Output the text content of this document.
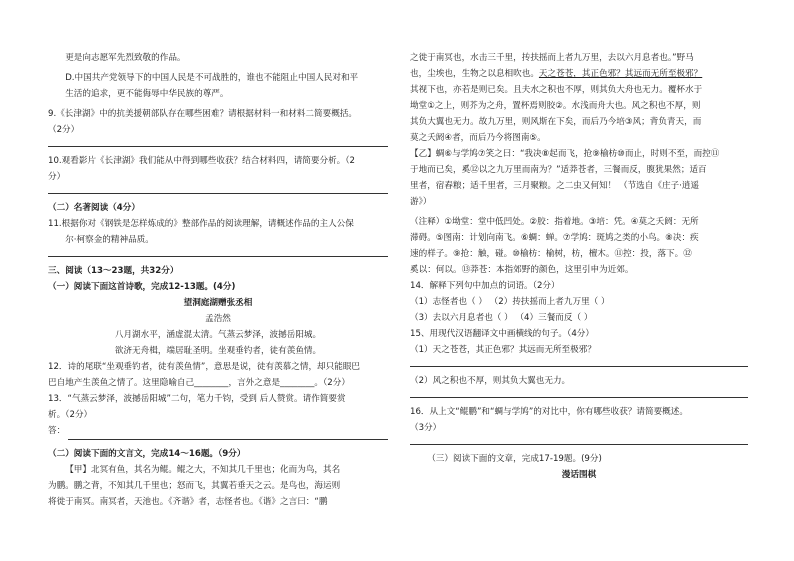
更是向志愿军先烈致敬的作品。

D.中国共产党领导下的中国人民是不可战胜的，谁也不能阻止中国人民对和平

生活的追求，更不能侮辱中华民族的尊严。

9.《长津湖》中的抗美援朝部队存在哪些困难？请根据材料一和材料二简要概括。

（2分）

10.观看影片《长津湖》我们能从中得到哪些收获？结合材料四，请简要分析。（2

分）

（二）名著阅读（4分）

11.根据你对《钢铁是怎样炼成的》整部作品的阅读理解，请概述作品的主人公保

尔·柯察金的精神品质。

三、阅读（13～23题，共32分）

（一）阅读下面这首诗歌，完成12-13题。(4分)

望洞庭湖赠张丞相

孟浩然

八月湖水平，涵虚混太清。气蒸云梦泽，波撼岳阳城。

欲济无舟楫，端居耻圣明。坐观垂钓者，徒有羡鱼情。

12．诗的尾联“坐观垂钓者，徒有羡鱼情”，意思是说，徒有羡慕之情，却只能眼巴

巴自地产生羡鱼之情了。这里隐喻自己________，言外之意是________。（2分）

13．“气蒸云梦泽，波撼岳阳城”二句，笔力千钧，受到 后人赞赏。请作简要赏

析。（2分）

答：

（二）阅读下面的文言文，完成14～16题。（9分）

【甲】北冥有鱼，其名为鲲。鲲之大，不知其几千里也；化而为鸟，其名

为鹏。鹏之背，不知其几千里也；怒而飞，其翼若垂天之云。是鸟也，海运则

将徙于南冥。南冥者，天池也。《齐谐》者，志怪者也。《谐》之言曰：“鹏

之徙于南冥也，水击三千里，抟扶摇而上者九万里，去以六月息者也。”野马

也，尘埃也，生物之以息相吹也。天之苍苍，其正色邪？其远而无所至极邪？

其视下也，亦若是则已矣。且夫水之积也不厚，则其负大舟也无力。覆杯水于

坳堂①之上，则芥为之舟，置杯焉则胶②。水浅而舟大也。风之积也不厚，则

其负大翼也无力。故九万里，则风斯在下矣，而后乃今培③风；背负青天，而

莫之夭阏④者，而后乃今将图南⑤。

【乙】蜩⑥与学鸠⑦笑之曰：“我决⑧起而飞，抢⑨榆枋⑩而止，时则不至，而控⑪

于地而已矣，奚⑫以之九万里而南为？”适莽苍者，三餐而反，腹犹果然；适百

里者，宿舂粮；适千里者，三月聚粮。之二虫又何知！ （节选自《庄子·逍遥

游》）

（注释）①坳堂：堂中低凹处。②胶：指着地。③培：凭。④莫之夭阏：无所

滞碍。⑤图南：计划向南飞。⑥蜩：蝉。⑦学鸠：斑鸠之类的小鸟。⑧决：疾

速的样子。⑨抢：触，碰。⑩榆枋：榆树，枋，檀木。⑪控：投，落下。⑫

奚以：何以。⑬莽苍：本指郊野的颜色，这里引申为近郊。

14．解释下列句中加点的词语。（2分）

（1）志怪者也（ ） （2）抟扶摇而上者九万里（ ）

（3）去以六月息者也（ ） （4）三餐而反（ ）

15、用现代汉语翻译文中画横线的句子。（4分）

（1）天之苍苍，其正色邪？其远而无所至极邪？

（2）风之积也不厚，则其负大翼也无力。

16．从上文“鲲鹏”和“蜩与学鸠”的对比中，你有哪些收获？请简要概述。

（3分）

（三）阅读下面的文章，完成17-19题。(9分)

漫话围棋
